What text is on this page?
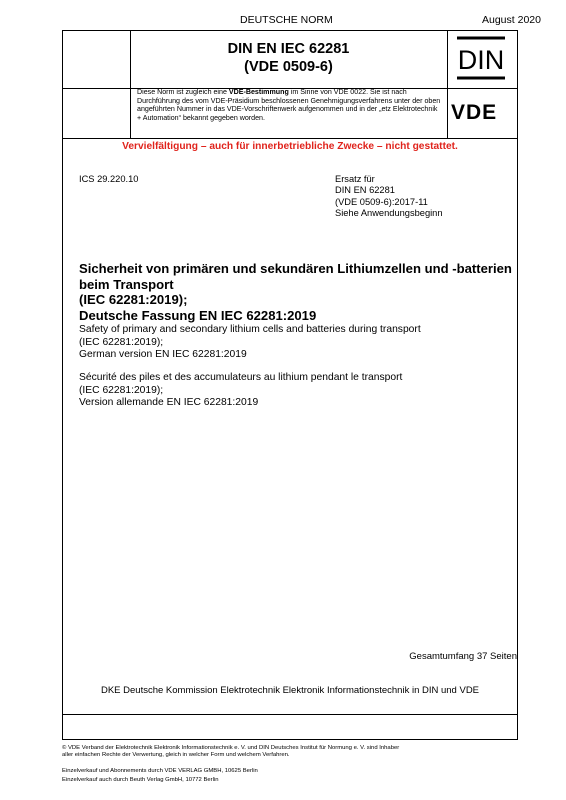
DEUTSCHE NORM	August 2020
DIN EN IEC 62281
(VDE 0509-6)	DIN
Diese Norm ist zugleich eine VDE-Bestimmung im Sinne von VDE 0022. Sie ist nach Durchführung des vom VDE-Präsidium beschlossenen Genehmigungsverfahrens unter der oben angeführten Nummer in das VDE-Vorschriftenwerk aufgenommen und in der „etz Elektrotechnik + Automation“ bekannt gegeben worden.	VDE
Vervielfältigung – auch für innerbetriebliche Zwecke – nicht gestattet.
ICS 29.220.10	Ersatz für
DIN EN 62281
(VDE 0509-6):2017-11
Siehe Anwendungsbeginn
Sicherheit von primären und sekundären Lithiumzellen und -batterien
beim Transport
(IEC 62281:2019);
Deutsche Fassung EN IEC 62281:2019
Safety of primary and secondary lithium cells and batteries during transport
(IEC 62281:2019);
German version EN IEC 62281:2019
Sécurité des piles et des accumulateurs au lithium pendant le transport
(IEC 62281:2019);
Version allemande EN IEC 62281:2019
Gesamtumfang 37 Seiten
DKE Deutsche Kommission Elektrotechnik Elektronik Informationstechnik in DIN und VDE
© VDE Verband der Elektrotechnik Elektronik Informationstechnik e. V. und DIN Deutsches Institut für Normung e. V. sind Inhaber
aller einfachen Rechte der Verwertung, gleich in welcher Form und welchem Verfahren.
Einzelverkauf und Abonnements durch VDE VERLAG GMBH, 10625 Berlin
Einzelverkauf auch durch Beuth Verlag GmbH, 10772 Berlin
